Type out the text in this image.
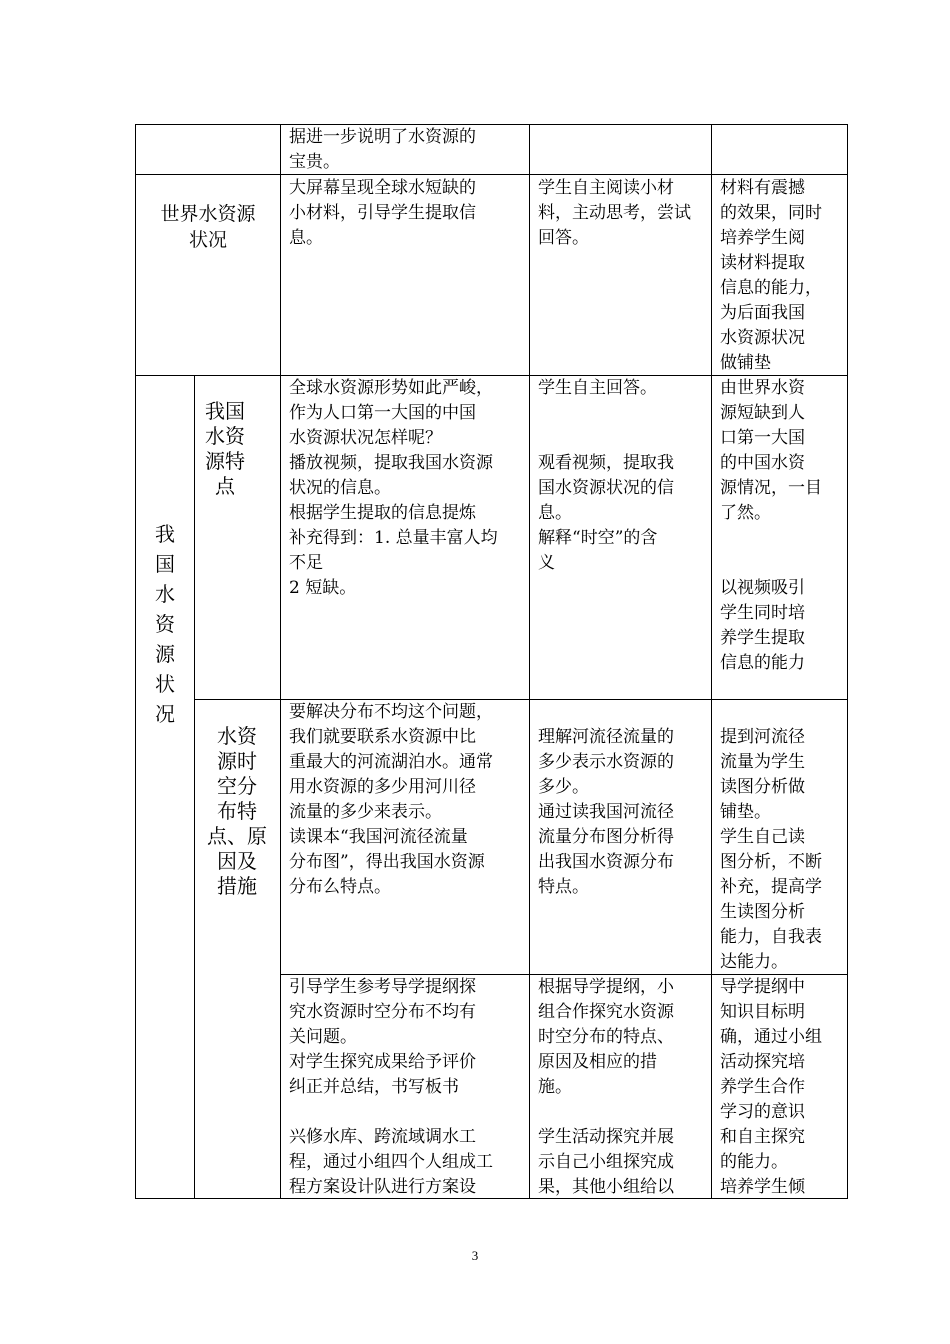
据进一步说明了水资源的
宝贵。
世界水资源
状况
大屏幕呈现全球水短缺的
小材料，引导学生提取信
息。
学生自主阅读小材
料，主动思考，尝试
回答。
材料有震撼
的效果，同时
培养学生阅
读材料提取
信息的能力，
为后面我国
水资源状况
做铺垫
我
国
水
资
源
状
况
我国
水资
源特
点
全球水资源形势如此严峻，
作为人口第一大国的中国
水资源状况怎样呢？
播放视频，提取我国水资源
状况的信息。
根据学生提取的信息提炼
补充得到：1. 总量丰富人均
不足
2 短缺。
学生自主回答。

观看视频，提取我
国水资源状况的信
息。
解释“时空”的含
义
由世界水资
源短缺到人
口第一大国
的中国水资
源情况，一目
了然。

以视频吸引
学生同时培
养学生提取
信息的能力
水资
源时
空分
布特
点、原
因及
措施
要解决分布不均这个问题，
我们就要联系水资源中比
重最大的河流湖泊水。通常
用水资源的多少用河川径
流量的多少来表示。
读课本“我国河流径流量
分布图”，得出我国水资源
分布么特点。
理解河流径流量的
多少表示水资源的
多少。
通过读我国河流径
流量分布图分析得
出我国水资源分布
特点。
提到河流径
流量为学生
读图分析做
铺垫。
学生自己读
图分析，不断
补充，提高学
生读图分析
能力，自我表
达能力。
引导学生参考导学提纲探
究水资源时空分布不均有
关问题。
对学生探究成果给予评价
纠正并总结，书写板书

兴修水库、跨流域调水工
程，通过小组四个人组成工
程方案设计队进行方案设
根据导学提纲，小
组合作探究水资源
时空分布的特点、
原因及相应的措
施。

学生活动探究并展
示自己小组探究成
果，其他小组给以
导学提纲中
知识目标明
确，通过小组
活动探究培
养学生合作
学习的意识
和自主探究
的能力。
培养学生倾
3
